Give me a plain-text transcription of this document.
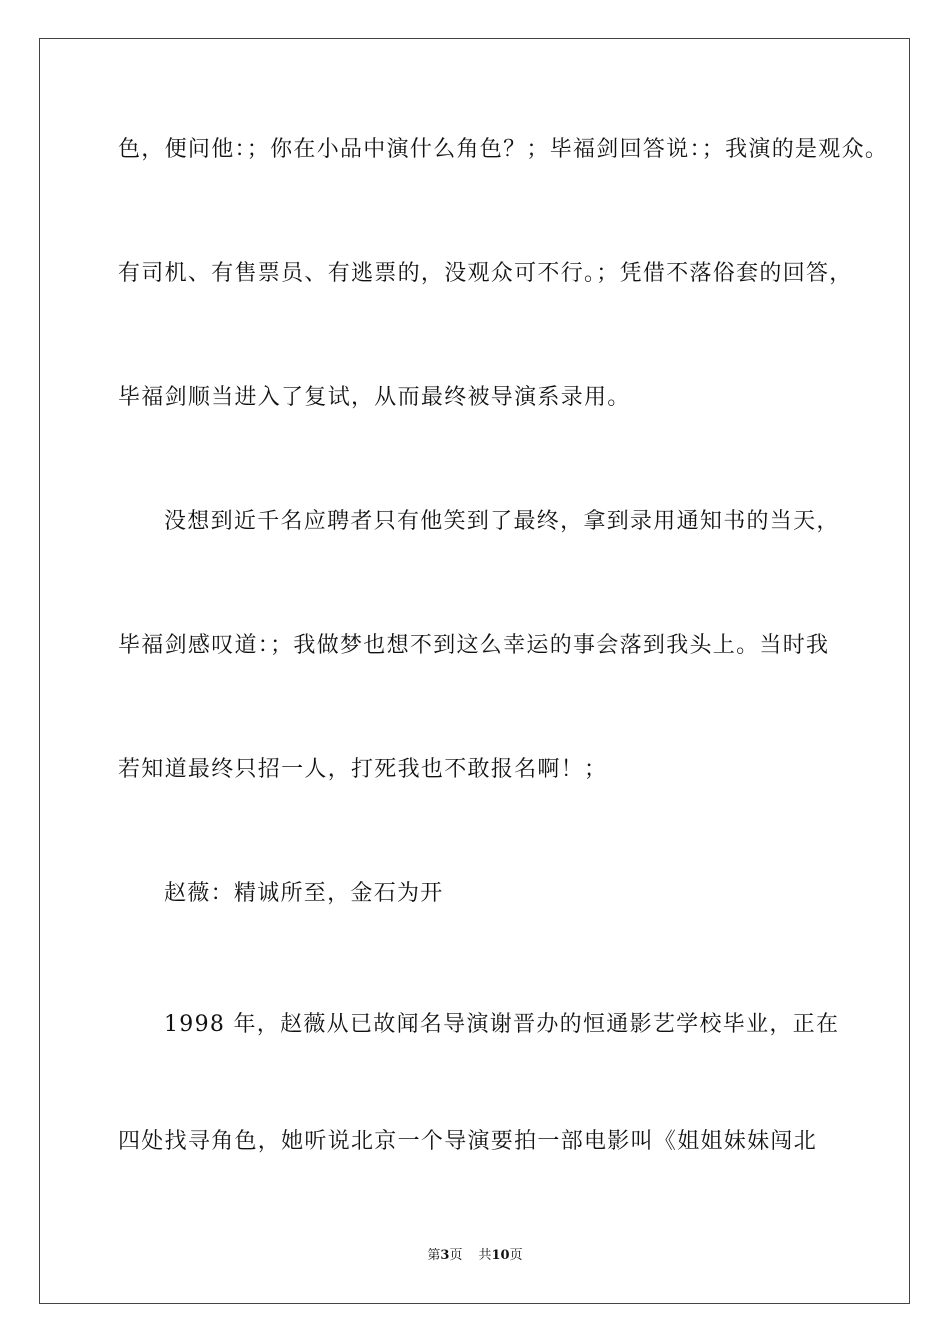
色，便问他：；你在小品中演什么角色？；毕福剑回答说：；我演的是观众。
有司机、有售票员、有逃票的，没观众可不行。；凭借不落俗套的回答，
毕福剑顺当进入了复试，从而最终被导演系录用。
没想到近千名应聘者只有他笑到了最终，拿到录用通知书的当天，
毕福剑感叹道：；我做梦也想不到这么幸运的事会落到我头上。当时我
若知道最终只招一人，打死我也不敢报名啊！；
赵薇：精诚所至，金石为开
1998 年，赵薇从已故闻名导演谢晋办的恒通影艺学校毕业，正在
四处找寻角色，她听说北京一个导演要拍一部电影叫《姐姐妹妹闯北
第3页 共10页
